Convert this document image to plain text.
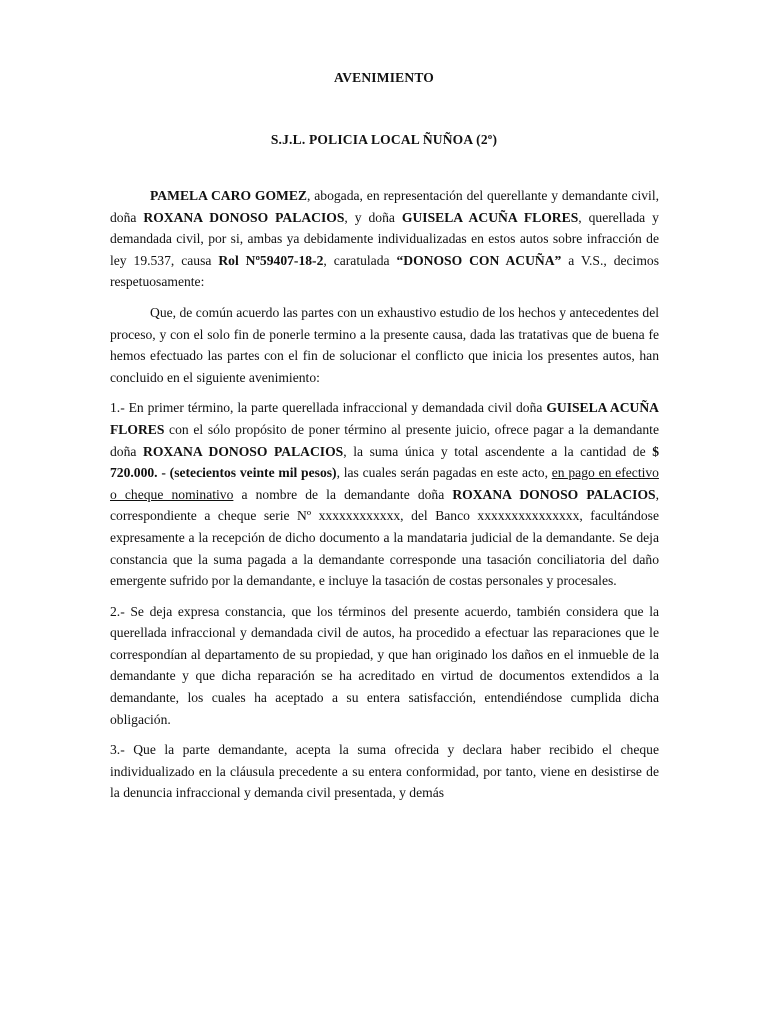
AVENIMIENTO
S.J.L. POLICIA LOCAL ÑUÑOA (2º)

PAMELA CARO GOMEZ, abogada, en representación del querellante y demandante civil, doña ROXANA DONOSO PALACIOS, y doña GUISELA ACUÑA FLORES, querellada y demandada civil, por si, ambas ya debidamente individualizadas en estos autos sobre infracción de ley 19.537, causa Rol Nº59407-18-2, caratulada “DONOSO CON ACUÑA” a V.S., decimos respetuosamente:

Que, de común acuerdo las partes con un exhaustivo estudio de los hechos y antecedentes del proceso, y con el solo fin de ponerle termino a la presente causa, dada las tratativas que de buena fe hemos efectuado las partes con el fin de solucionar el conflicto que inicia los presentes autos, han concluido en el siguiente avenimiento:

1.- En primer término, la parte querellada infraccional y demandada civil doña GUISELA ACUÑA FLORES con el sólo propósito de poner término al presente juicio, ofrece pagar a la demandante doña ROXANA DONOSO PALACIOS, la suma única y total ascendente a la cantidad de $ 720.000. - (setecientos veinte mil pesos), las cuales serán pagadas en este acto, en pago en efectivo o cheque nominativo a nombre de la demandante doña ROXANA DONOSO PALACIOS, correspondiente a cheque serie Nº xxxxxxxxxxxx, del Banco xxxxxxxxxxxxxxx, facultándose expresamente a la recepción de dicho documento a la mandataria judicial de la demandante. Se deja constancia que la suma pagada a la demandante corresponde una tasación conciliatoria del daño emergente sufrido por la demandante, e incluye la tasación de costas personales y procesales.

2.- Se deja expresa constancia, que los términos del presente acuerdo, también considera que la querellada infraccional y demandada civil de autos, ha procedido a efectuar las reparaciones que le correspondían al departamento de su propiedad, y que han originado los daños en el inmueble de la demandante y que dicha reparación se ha acreditado en virtud de documentos extendidos a la demandante, los cuales ha aceptado a su entera satisfacción, entendiéndose cumplida dicha obligación.

3.- Que la parte demandante, acepta la suma ofrecida y declara haber recibido el cheque individualizado en la cláusula precedente a su entera conformidad, por tanto, viene en desistirse de la denuncia infraccional y demanda civil presentada, y demás
